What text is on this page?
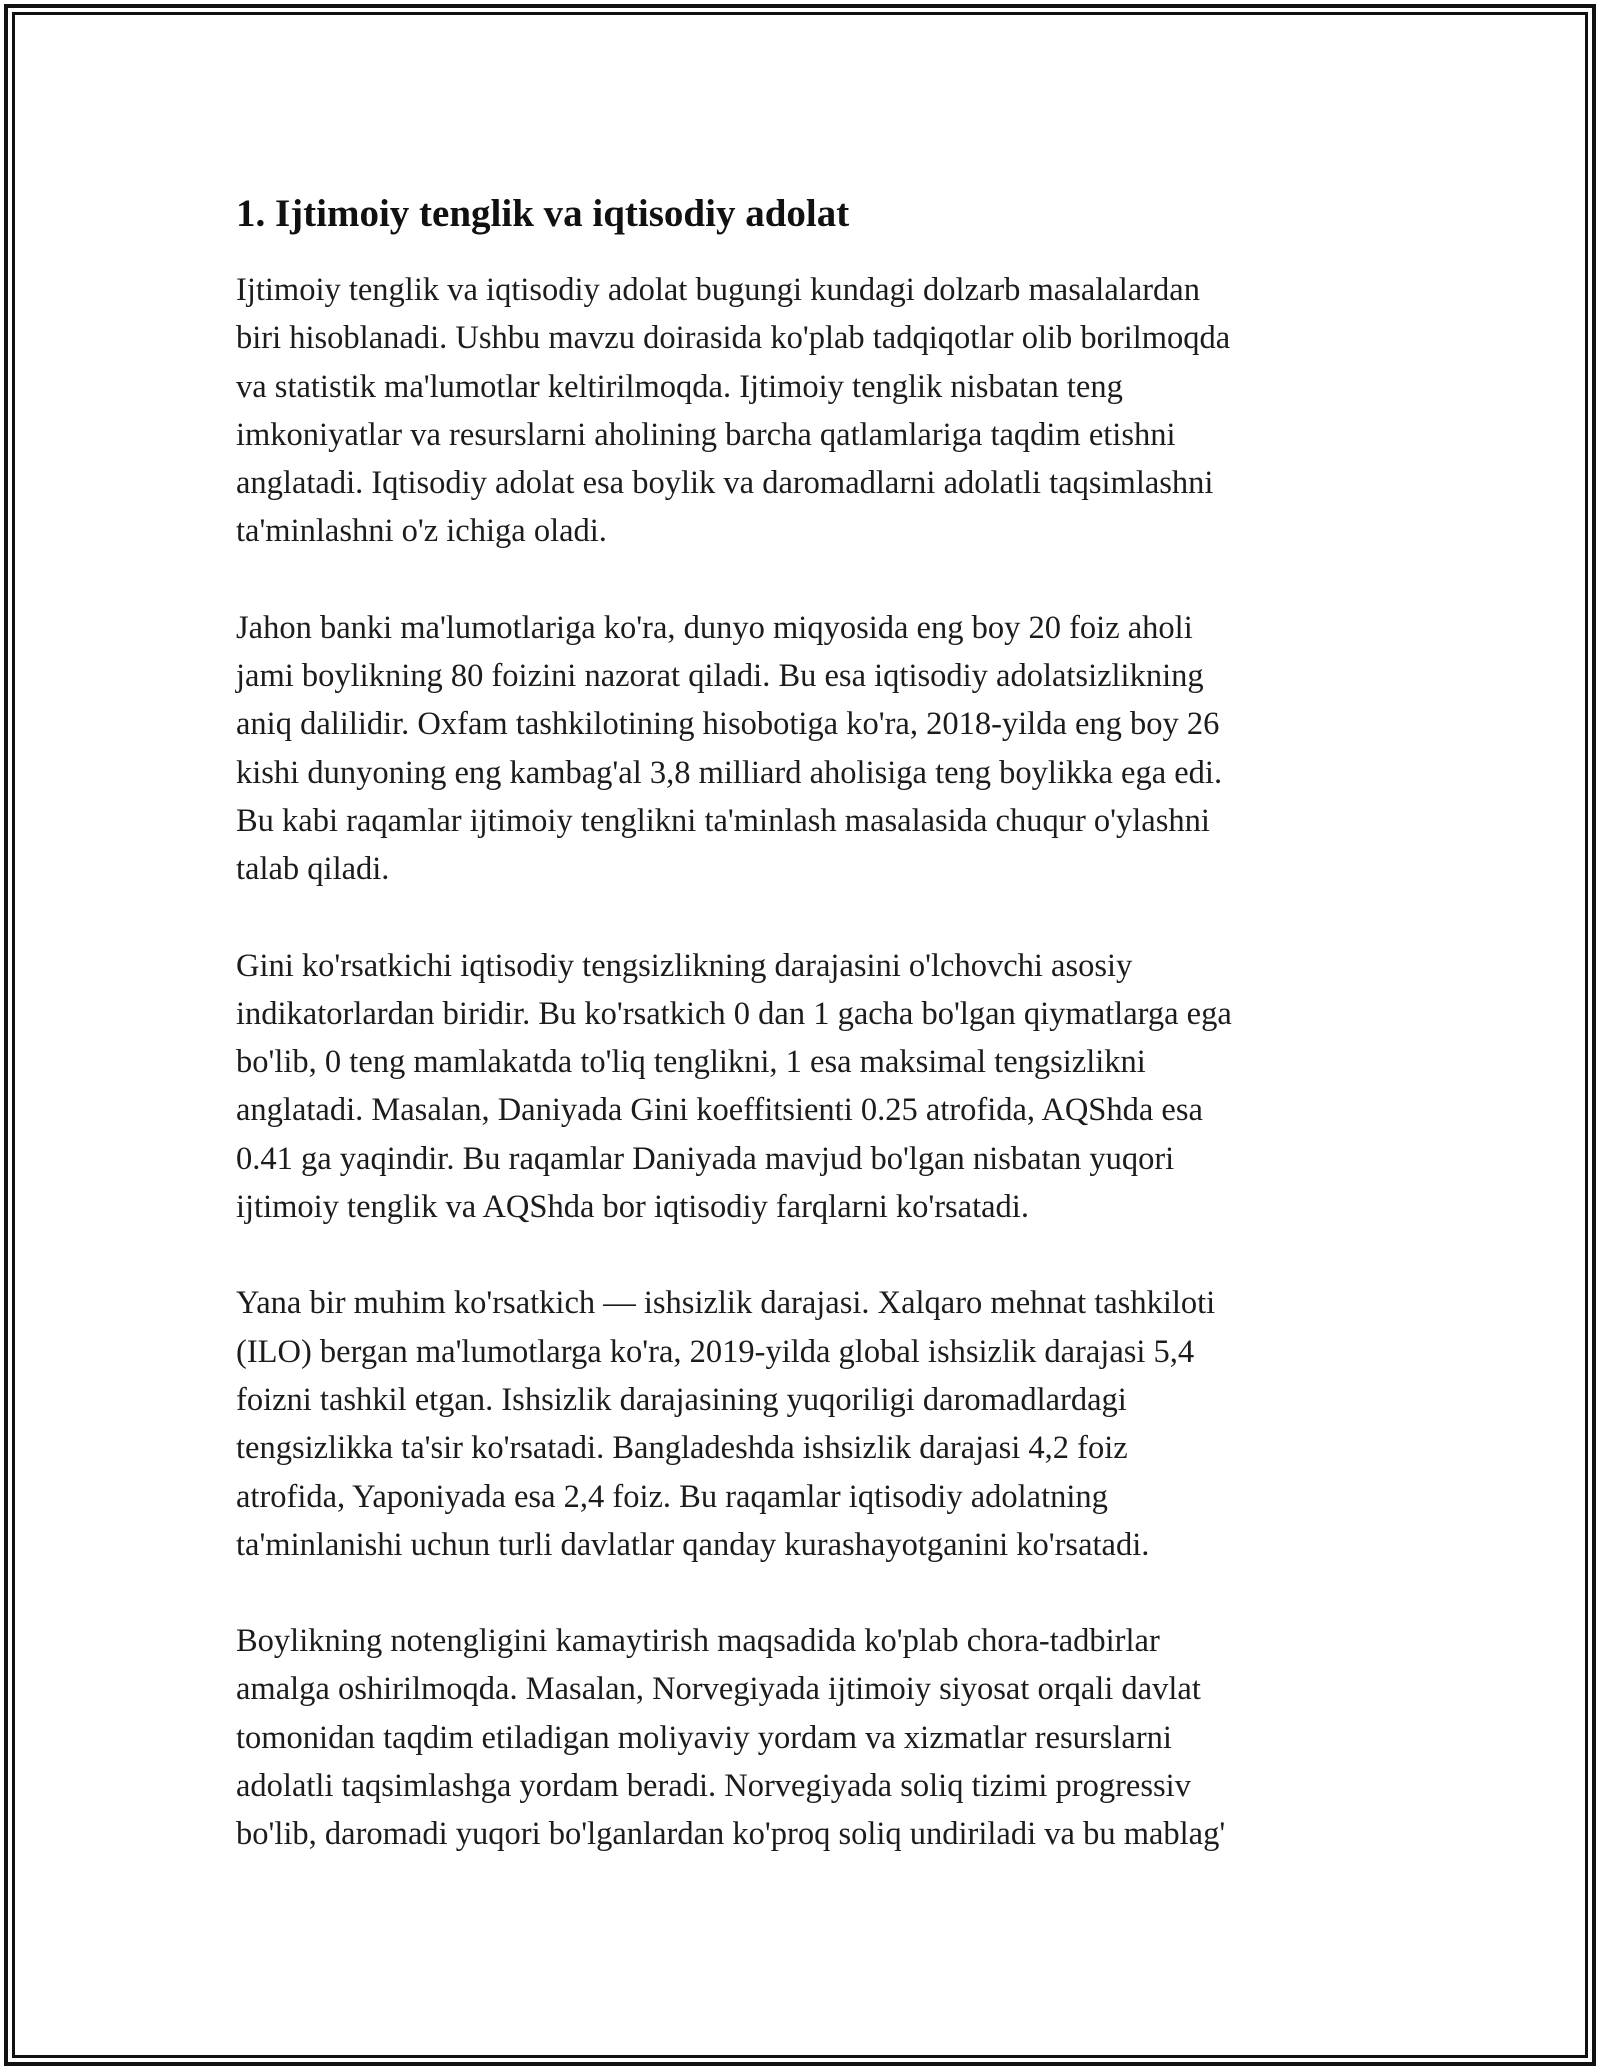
1. Ijtimoiy tenglik va iqtisodiy adolat

Ijtimoiy tenglik va iqtisodiy adolat bugungi kundagi dolzarb masalalardan
biri hisoblanadi. Ushbu mavzu doirasida ko'plab tadqiqotlar olib borilmoqda
va statistik ma'lumotlar keltirilmoqda. Ijtimoiy tenglik nisbatan teng
imkoniyatlar va resurslarni aholining barcha qatlamlariga taqdim etishni
anglatadi. Iqtisodiy adolat esa boylik va daromadlarni adolatli taqsimlashni
ta'minlashni o'z ichiga oladi.

Jahon banki ma'lumotlariga ko'ra, dunyo miqyosida eng boy 20 foiz aholi
jami boylikning 80 foizini nazorat qiladi. Bu esa iqtisodiy adolatsizlikning
aniq dalilidir. Oxfam tashkilotining hisobotiga ko'ra, 2018-yilda eng boy 26
kishi dunyoning eng kambag'al 3,8 milliard aholisiga teng boylikka ega edi.
Bu kabi raqamlar ijtimoiy tenglikni ta'minlash masalasida chuqur o'ylashni
talab qiladi.

Gini ko'rsatkichi iqtisodiy tengsizlikning darajasini o'lchovchi asosiy
indikatorlardan biridir. Bu ko'rsatkich 0 dan 1 gacha bo'lgan qiymatlarga ega
bo'lib, 0 teng mamlakatda to'liq tenglikni, 1 esa maksimal tengsizlikni
anglatadi. Masalan, Daniyada Gini koeffitsienti 0.25 atrofida, AQShda esa
0.41 ga yaqindir. Bu raqamlar Daniyada mavjud bo'lgan nisbatan yuqori
ijtimoiy tenglik va AQShda bor iqtisodiy farqlarni ko'rsatadi.

Yana bir muhim ko'rsatkich — ishsizlik darajasi. Xalqaro mehnat tashkiloti
(ILO) bergan ma'lumotlarga ko'ra, 2019-yilda global ishsizlik darajasi 5,4
foizni tashkil etgan. Ishsizlik darajasining yuqoriligi daromadlardagi
tengsizlikka ta'sir ko'rsatadi. Bangladeshda ishsizlik darajasi 4,2 foiz
atrofida, Yaponiyada esa 2,4 foiz. Bu raqamlar iqtisodiy adolatning
ta'minlanishi uchun turli davlatlar qanday kurashayotganini ko'rsatadi.

Boylikning notengligini kamaytirish maqsadida ko'plab chora-tadbirlar
amalga oshirilmoqda. Masalan, Norvegiyada ijtimoiy siyosat orqali davlat
tomonidan taqdim etiladigan moliyaviy yordam va xizmatlar resurslarni
adolatli taqsimlashga yordam beradi. Norvegiyada soliq tizimi progressiv
bo'lib, daromadi yuqori bo'lganlardan ko'proq soliq undiriladi va bu mablag'
